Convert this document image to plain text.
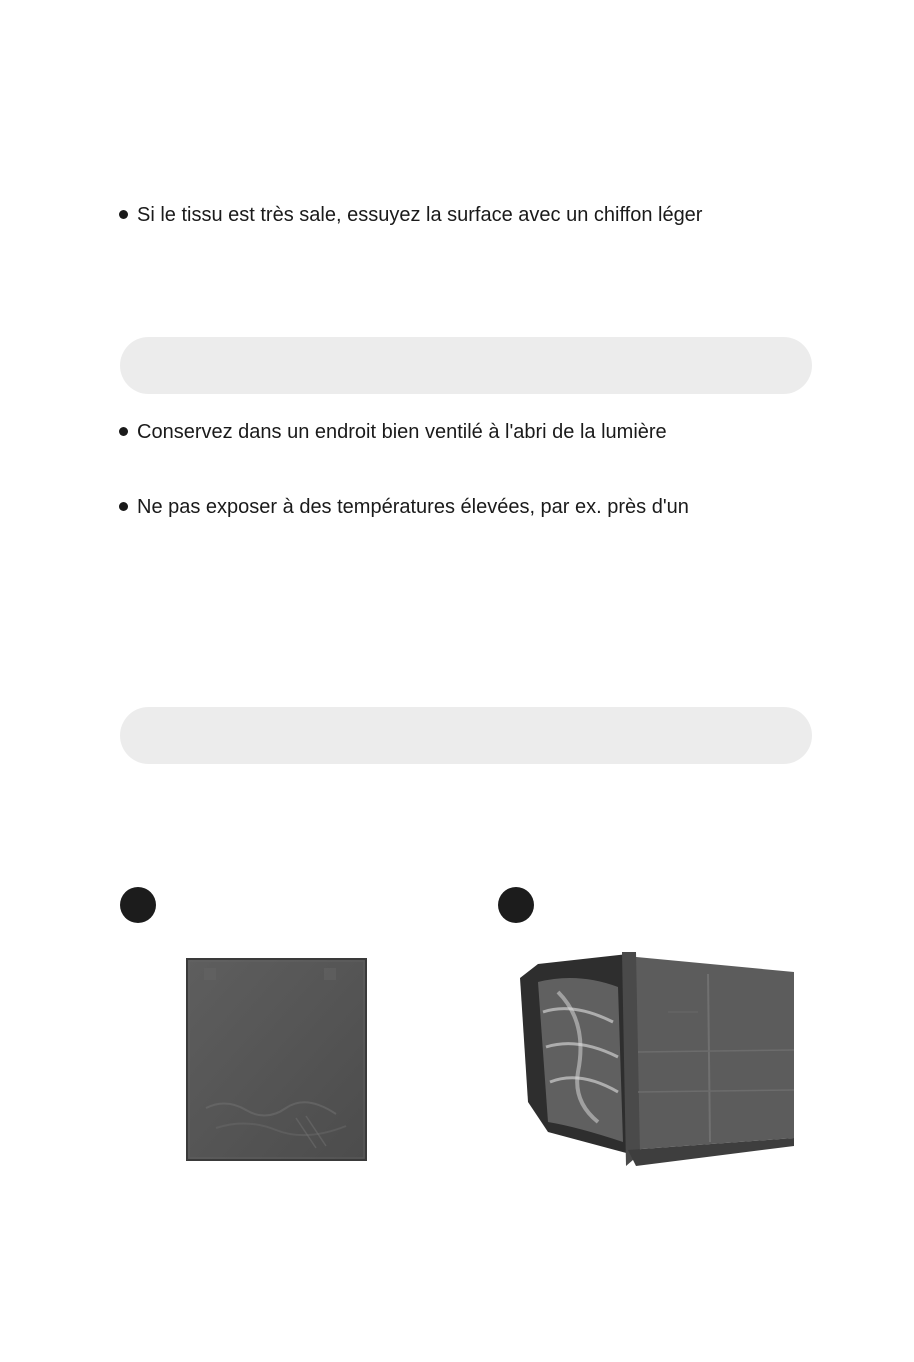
Si le tissu est très sale, essuyez la surface avec un chiffon léger
Conservez dans un endroit bien ventilé à l'abri de la lumière
Ne pas exposer à des températures élevées, par ex. près d'un
